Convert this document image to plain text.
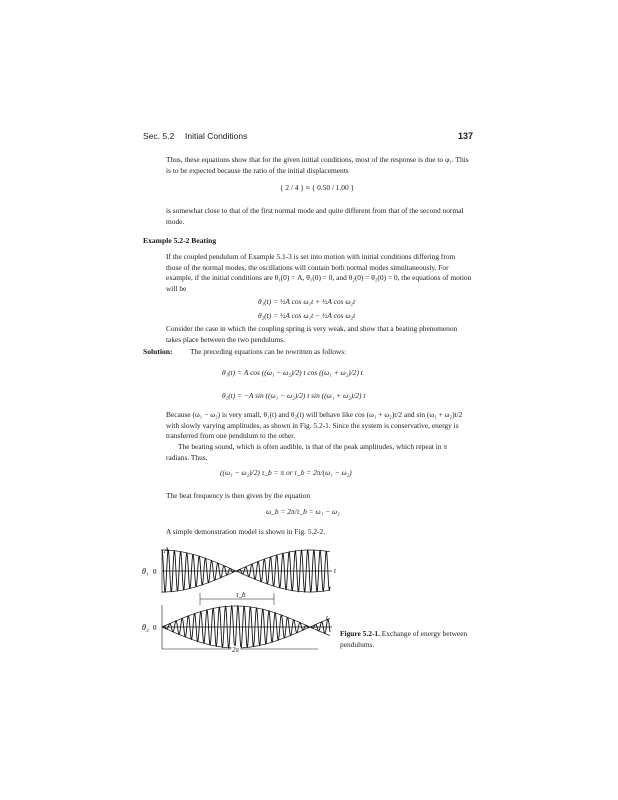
Sec. 5.2 Initial Conditions	137

Thus, these equations show that for the given initial conditions, most of the response is due to φ₁. This is to be expected because the ratio of the initial displacements

{ 2 / 4 } ≈ { 0.50 / 1.00 }

is somewhat close to that of the first normal mode and quite different from that of the second normal mode.

Example 5.2-2 Beating

If the coupled pendulum of Example 5.1-3 is set into motion with initial conditions differing from those of the normal modes, the oscillations will contain both normal modes simultaneously. For example, if the initial conditions are θ₁(0) = A, θ̇₁(0) = 0, and θ₂(0) = θ̇₂(0) = 0, the equations of motion will be

θ₁(t) = ½A cos ω₁t + ½A cos ω₂t
θ₂(t) = ½A cos ω₁t − ½A cos ω₂t

Consider the case in which the coupling spring is very weak, and show that a beating phenomenon takes place between the two pendulums.

Solution: The preceding equations can be rewritten as follows:
θ₁(t) = A cos ((ω₁ − ω₂)/2) t cos ((ω₁ + ω₂)/2) t
θ₂(t) = −A sin ((ω₁ − ω₂)/2) t sin ((ω₁ + ω₂)/2) t

Because (ω₁ − ω₂) is very small, θ₁(t) and θ₂(t) will behave like cos (ω₁ + ω₂)t/2 and sin (ω₁ + ω₂)t/2 with slowly varying amplitudes, as shown in Fig. 5.2-1. Since the system is conservative, energy is transferred from one pendulum to the other.

The beating sound, which is often audible, is that of the peak amplitudes, which repeat in π radians. Thus,

((ω₁ − ω₂)/2) τ_b = π or τ_b = 2π/(ω₁ − ω₂)

The beat frequency is then given by the equation

ω_b = 2π/τ_b = ω₁ − ω₂

A simple demonstration model is shown in Fig. 5.2-2.

A
θ₁ 0	t
τ_b
θ₂ 0
t
2π
Figure 5.2-1. Exchange of energy between pendulums.
